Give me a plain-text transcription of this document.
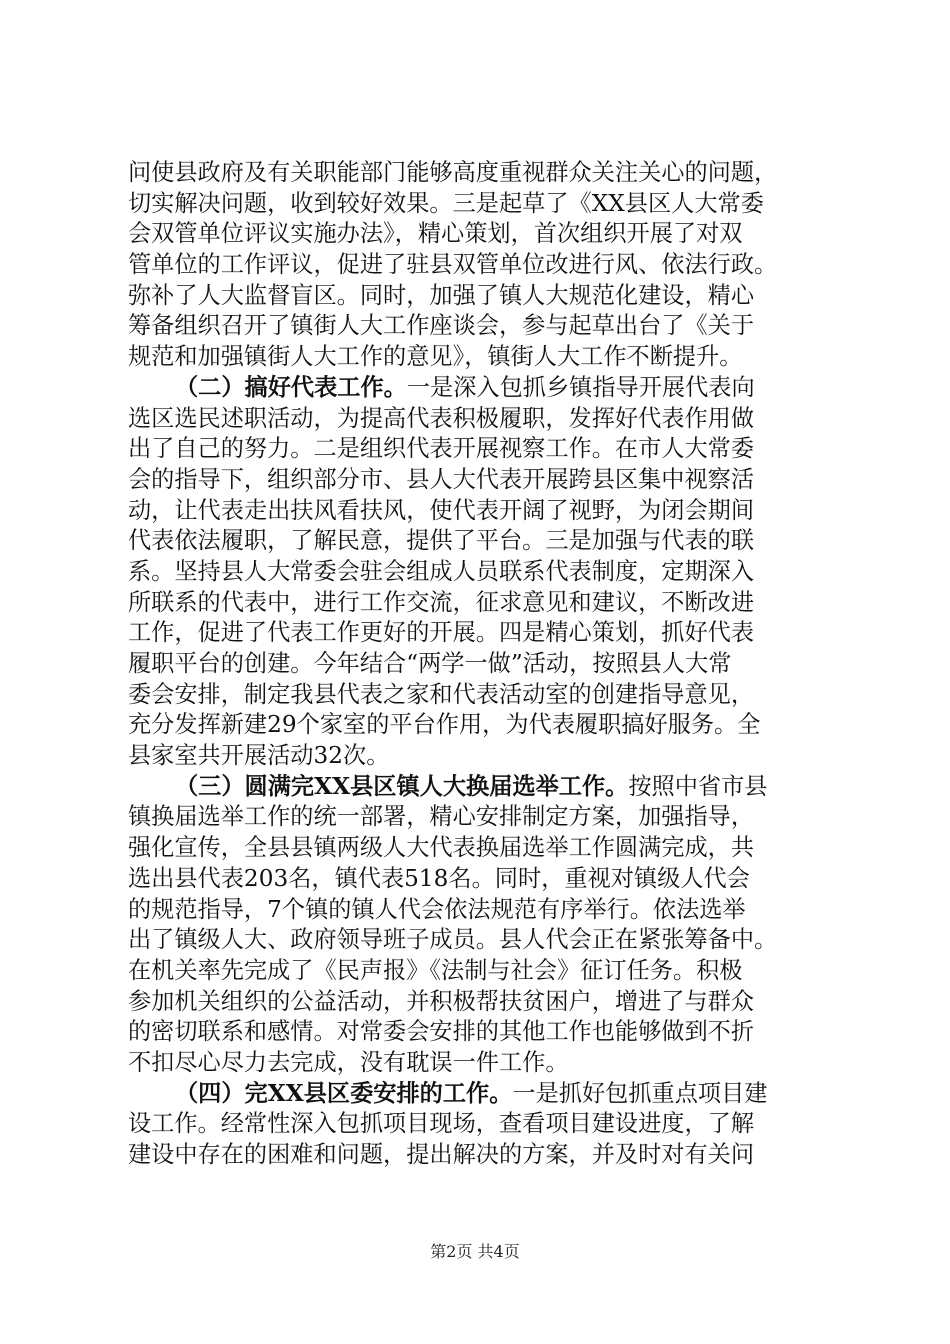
问使县政府及有关职能部门能够高度重视群众关注关心的问题，
切实解决问题，收到较好效果。三是起草了《XX县区人大常委
会双管单位评议实施办法》，精心策划，首次组织开展了对双
管单位的工作评议，促进了驻县双管单位改进行风、依法行政。
弥补了人大监督盲区。同时，加强了镇人大规范化建设，精心
筹备组织召开了镇街人大工作座谈会，参与起草出台了《关于
规范和加强镇街人大工作的意见》，镇街人大工作不断提升。
（二）搞好代表工作。一是深入包抓乡镇指导开展代表向
选区选民述职活动，为提高代表积极履职，发挥好代表作用做
出了自己的努力。二是组织代表开展视察工作。在市人大常委
会的指导下，组织部分市、县人大代表开展跨县区集中视察活
动，让代表走出扶风看扶风，使代表开阔了视野，为闭会期间
代表依法履职，了解民意，提供了平台。三是加强与代表的联
系。坚持县人大常委会驻会组成人员联系代表制度，定期深入
所联系的代表中，进行工作交流，征求意见和建议，不断改进
工作，促进了代表工作更好的开展。四是精心策划，抓好代表
履职平台的创建。今年结合“两学一做”活动，按照县人大常
委会安排，制定我县代表之家和代表活动室的创建指导意见，
充分发挥新建29个家室的平台作用，为代表履职搞好服务。全
县家室共开展活动32次。
（三）圆满完XX县区镇人大换届选举工作。按照中省市县
镇换届选举工作的统一部署，精心安排制定方案，加强指导，
强化宣传，全县县镇两级人大代表换届选举工作圆满完成，共
选出县代表203名，镇代表518名。同时，重视对镇级人代会
的规范指导，7个镇的镇人代会依法规范有序举行。依法选举
出了镇级人大、政府领导班子成员。县人代会正在紧张筹备中。
在机关率先完成了《民声报》《法制与社会》征订任务。积极
参加机关组织的公益活动，并积极帮扶贫困户，增进了与群众
的密切联系和感情。对常委会安排的其他工作也能够做到不折
不扣尽心尽力去完成，没有耽误一件工作。
（四）完XX县区委安排的工作。一是抓好包抓重点项目建
设工作。经常性深入包抓项目现场，查看项目建设进度，了解
建设中存在的困难和问题，提出解决的方案，并及时对有关问
第2页 共4页
